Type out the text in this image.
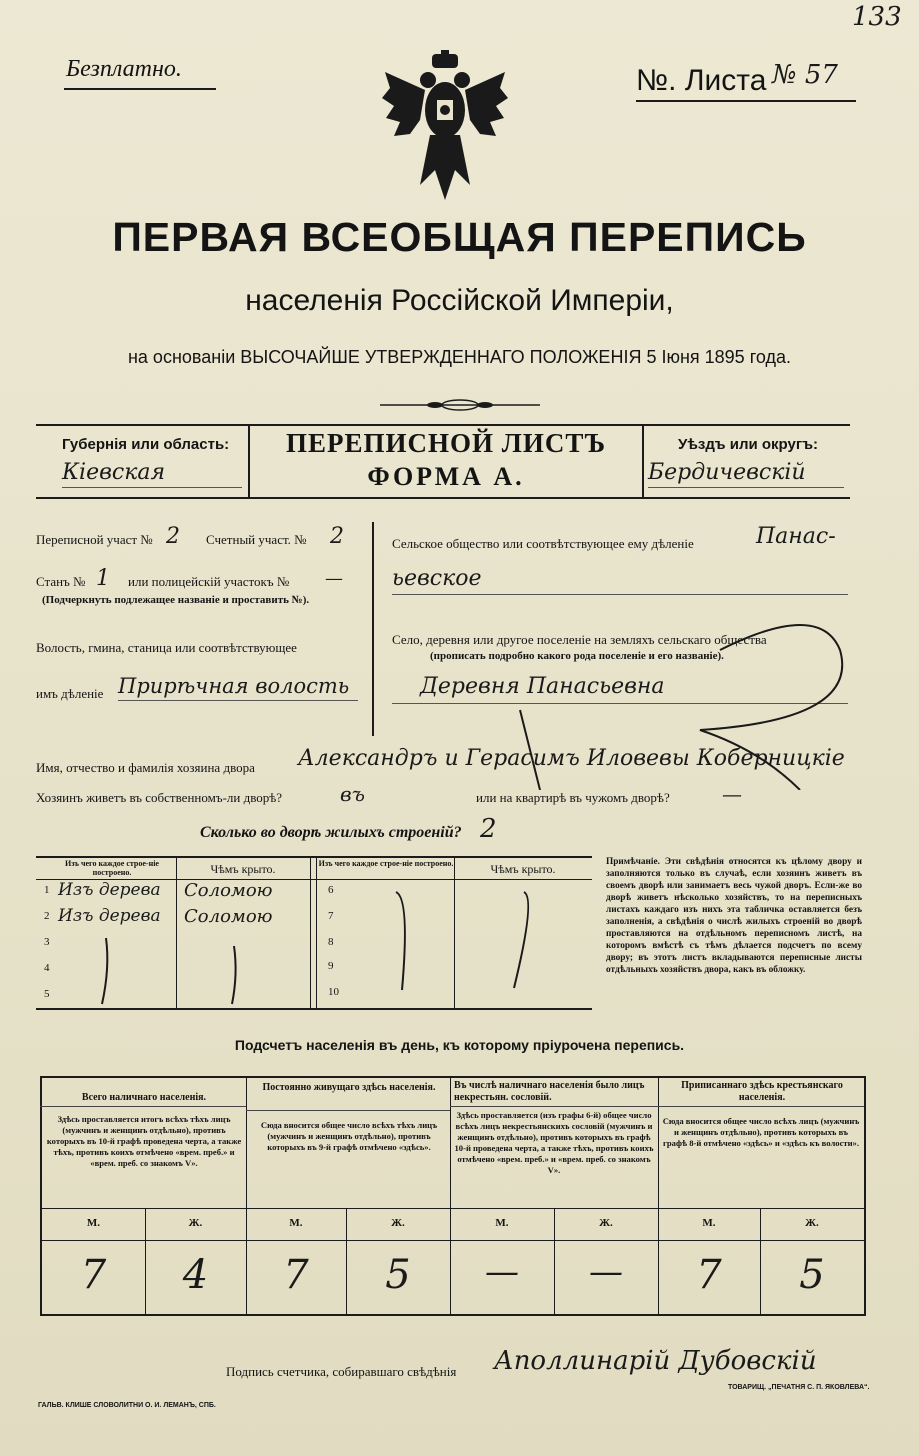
133
Безплатно.	№. Листа № 57
ПЕРВАЯ ВСЕОБЩАЯ ПЕРЕПИСЬ
населенія Россійской Имперіи,
на основаніи ВЫСОЧАЙШЕ УТВЕРЖДЕННАГО ПОЛОЖЕНІЯ 5 Іюня 1895 года.
Губернія или область:
Кіевская
ПЕРЕПИСНОЙ ЛИСТЪ
ФОРМА А.
Уѣздъ или округъ:
Бердичевскій
Переписной участ № 2 Счетный участ. № 2
Станъ № 1 или полицейскій участокъ № —
(Подчеркнуть подлежащее названіе и проставить №).
Волость, гмина, станица или соотвѣтствующее
имъ дѣленіе Прирѣчная волость
Сельское общество или соотвѣтствующее ему дѣленіе	Панас-
ьевское
Село, деревня или другое поселеніе на земляхъ сельскаго общества
(прописать подробно какого рода поселеніе и его названіе).
Деревня Панасьевна
Имя, отчество и фамилія хозяина двора Александръ и Герасимъ Иловевы Коберницкіе
Хозяинъ живетъ въ собственномъ-ли дворѣ?	въ	или на квартирѣ въ чужомъ дворѣ?	—
Сколько во дворѣ жилыхъ строеній? 2
Изъ чего каждое строе-ніе построено.	Чѣмъ крыто.	Изъ чего каждое строе-ніе построено.	Чѣмъ крыто.
1 Изъ дерева Соломою
2 Изъ дерева Соломою
3
4
5
6
7
8
9
10
Примѣчаніе. Эти свѣдѣнія относятся къ цѣлому двору и заполняются только въ случаѣ, если хозяинъ живетъ въ своемъ дворѣ или занимаетъ весь чужой дворъ. Если-же во дворѣ живетъ нѣсколько хозяйствъ, то на переписныхъ листахъ каждаго изъ нихъ эта табличка оставляется безъ заполненія, а свѣдѣнія о числѣ жилыхъ строеній во дворѣ проставляются на отдѣльномъ переписномъ листѣ, на которомъ вмѣстѣ съ тѣмъ дѣлается подсчетъ по всему двору; въ этотъ листъ вкладываются переписные листы отдѣльныхъ хозяйствъ двора, какъ въ обложку.
Подсчетъ населенія въ день, къ которому пріурочена перепись.
Всего наличнаго населенія.
Постоянно живущаго здѣсь населенія.	Въ числѣ наличнаго населенія было лицъ некрестьян. сословій.
Приписаннаго здѣсь крестьянскаго населенія.
Здѣсь проставляется итогъ всѣхъ тѣхъ лицъ (мужчинъ и женщинъ отдѣльно), противъ которыхъ въ 10-й графѣ проведена черта, а также тѣхъ, противъ коихъ отмѣчено «врем. преб.» и «врем. преб. со знакомъ V».
Сюда вносится общее число всѣхъ тѣхъ лицъ (мужчинъ и женщинъ отдѣльно), противъ которыхъ въ 9-й графѣ отмѣчено «здѣсь».
Здѣсь проставляется (изъ графы 6-й) общее число всѣхъ лицъ некрестьянскихъ сословій (мужчинъ и женщинъ отдѣльно), противъ которыхъ въ графѣ 10-й проведена черта, а также тѣхъ, противъ коихъ отмѣчено «врем. преб.» и «врем. преб. со знакомъ V».
Сюда вносится общее число всѣхъ лицъ (мужчинъ и женщинъ отдѣльно), противъ которыхъ въ графѣ 8-й отмѣчено «здѣсь» и «здѣсь къ волости».
М.	Ж.	М.	Ж.	М.	Ж.	М.	Ж.
7	4	7	5	—	—	7	5
Подпись счетчика, собиравшаго свѣдѣнія Аполлинарій Дубовскій
ГАЛЬВ. КЛИШЕ СЛОВОЛИТНИ О. И. ЛЕМАНЪ, СПБ.
ТОВАРИЩ. „ПЕЧАТНЯ С. П. ЯКОВЛЕВА“.
